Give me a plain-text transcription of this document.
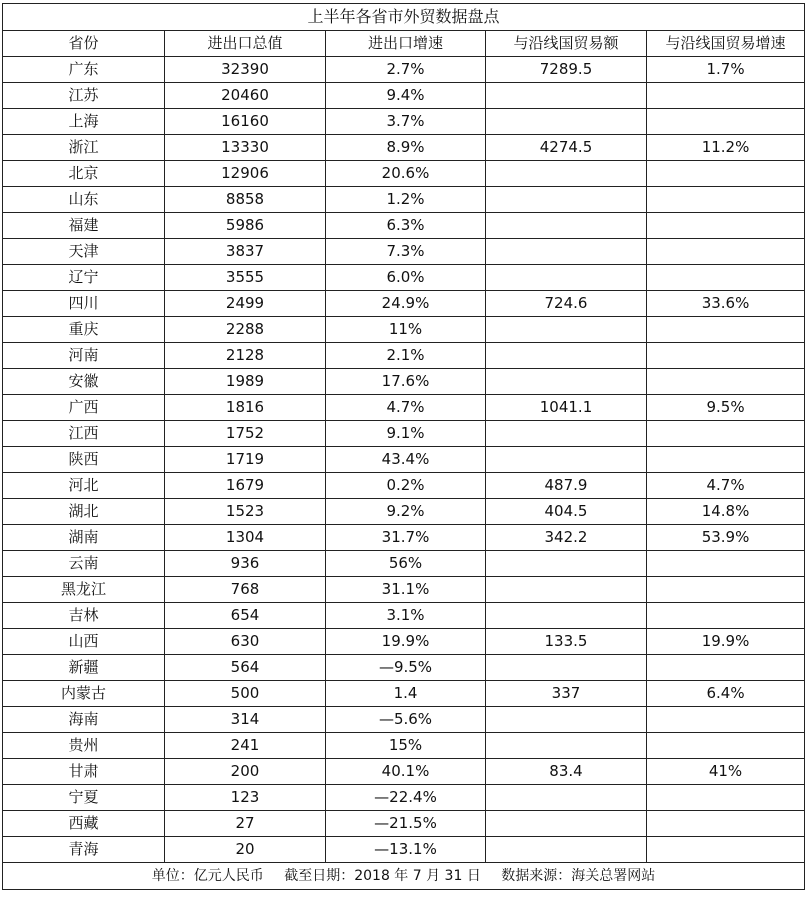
上半年各省市外贸数据盘点				
省份	进出口总值	进出口增速	与沿线国贸易额	与沿线国贸易增速
广东	32390	2.7%	7289.5	1.7%
江苏	20460	9.4%		
上海	16160	3.7%		
浙江	13330	8.9%	4274.5	11.2%
北京	12906	20.6%		
山东	8858	1.2%		
福建	5986	6.3%		
天津	3837	7.3%		
辽宁	3555	6.0%		
四川	2499	24.9%	724.6	33.6%
重庆	2288	11%		
河南	2128	2.1%		
安徽	1989	17.6%		
广西	1816	4.7%	1041.1	9.5%
江西	1752	9.1%		
陕西	1719	43.4%		
河北	1679	0.2%	487.9	4.7%
湖北	1523	9.2%	404.5	14.8%
湖南	1304	31.7%	342.2	53.9%
云南	936	56%		
黑龙江	768	31.1%		
吉林	654	3.1%		
山西	630	19.9%	133.5	19.9%
新疆	564	—9.5%		
内蒙古	500	1.4	337	6.4%
海南	314	—5.6%		
贵州	241	15%		
甘肃	200	40.1%	83.4	41%
宁夏	123	—22.4%		
西藏	27	—21.5%		
青海	20	—13.1%		
单位：亿元人民币 截至日期：2018 年 7 月 31 日 数据来源：海关总署网站				
